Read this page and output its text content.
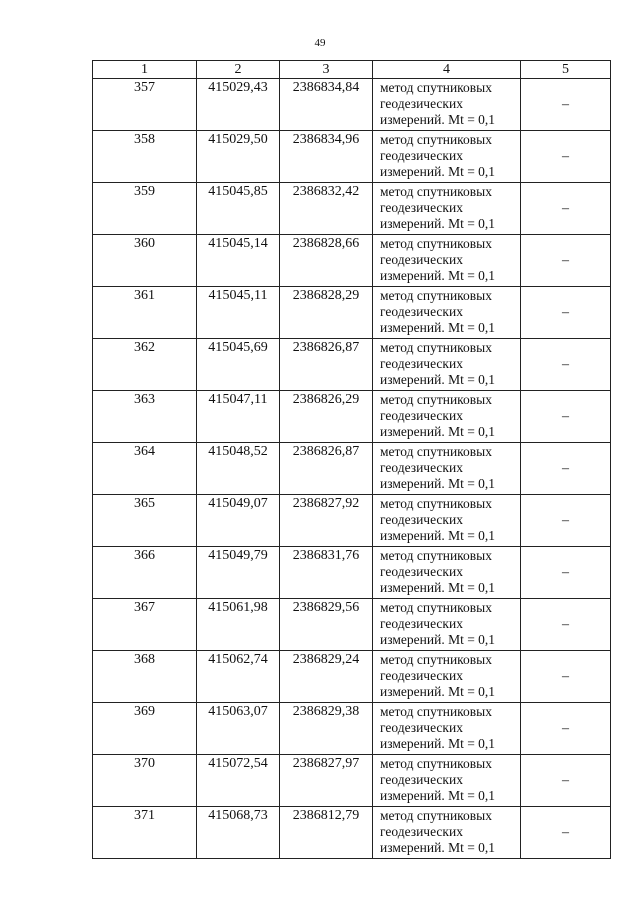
49
1	2	3	4	5
357	415029,43	2386834,84	метод спутниковых
геодезических
измерений. Mt = 0,1	–
358	415029,50	2386834,96	метод спутниковых
геодезических
измерений. Mt = 0,1	–
359	415045,85	2386832,42	метод спутниковых
геодезических
измерений. Mt = 0,1	–
360	415045,14	2386828,66	метод спутниковых
геодезических
измерений. Mt = 0,1	–
361	415045,11	2386828,29	метод спутниковых
геодезических
измерений. Mt = 0,1	–
362	415045,69	2386826,87	метод спутниковых
геодезических
измерений. Mt = 0,1	–
363	415047,11	2386826,29	метод спутниковых
геодезических
измерений. Mt = 0,1	–
364	415048,52	2386826,87	метод спутниковых
геодезических
измерений. Mt = 0,1	–
365	415049,07	2386827,92	метод спутниковых
геодезических
измерений. Mt = 0,1	–
366	415049,79	2386831,76	метод спутниковых
геодезических
измерений. Mt = 0,1	–
367	415061,98	2386829,56	метод спутниковых
геодезических
измерений. Mt = 0,1	–
368	415062,74	2386829,24	метод спутниковых
геодезических
измерений. Mt = 0,1	–
369	415063,07	2386829,38	метод спутниковых
геодезических
измерений. Mt = 0,1	–
370	415072,54	2386827,97	метод спутниковых
геодезических
измерений. Mt = 0,1	–
371	415068,73	2386812,79	метод спутниковых
геодезических
измерений. Mt = 0,1	–
